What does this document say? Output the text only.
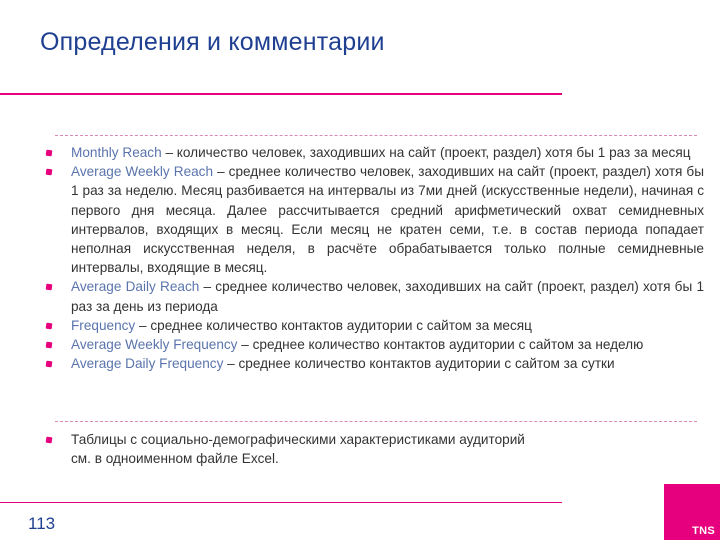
Определения и комментарии
Monthly Reach – количество человек, заходивших на сайт (проект, раздел) хотя бы 1 раз за месяц
Average Weekly Reach – среднее количество человек, заходивших на сайт (проект, раздел) хотя бы 1 раз за неделю. Месяц разбивается на интервалы из 7ми дней (искусственные недели), начиная с первого дня месяца. Далее рассчитывается средний арифметический охват семидневных интервалов, входящих в месяц. Если месяц не кратен семи, т.е. в состав периода попадает неполная искусственная неделя, в расчёте обрабатывается только полные семидневные интервалы, входящие в месяц.
Average Daily Reach – среднее количество человек, заходивших на сайт (проект, раздел) хотя бы 1 раз за день из периода
Frequency – среднее количество контактов аудитории с сайтом за месяц
Average Weekly Frequency – среднее количество контактов аудитории с сайтом за неделю
Average Daily Frequency – среднее количество контактов аудитории с сайтом за сутки
Таблицы с социально-демографическими характеристиками аудиторий
см. в одноименном файле Excel.
113	TNS
